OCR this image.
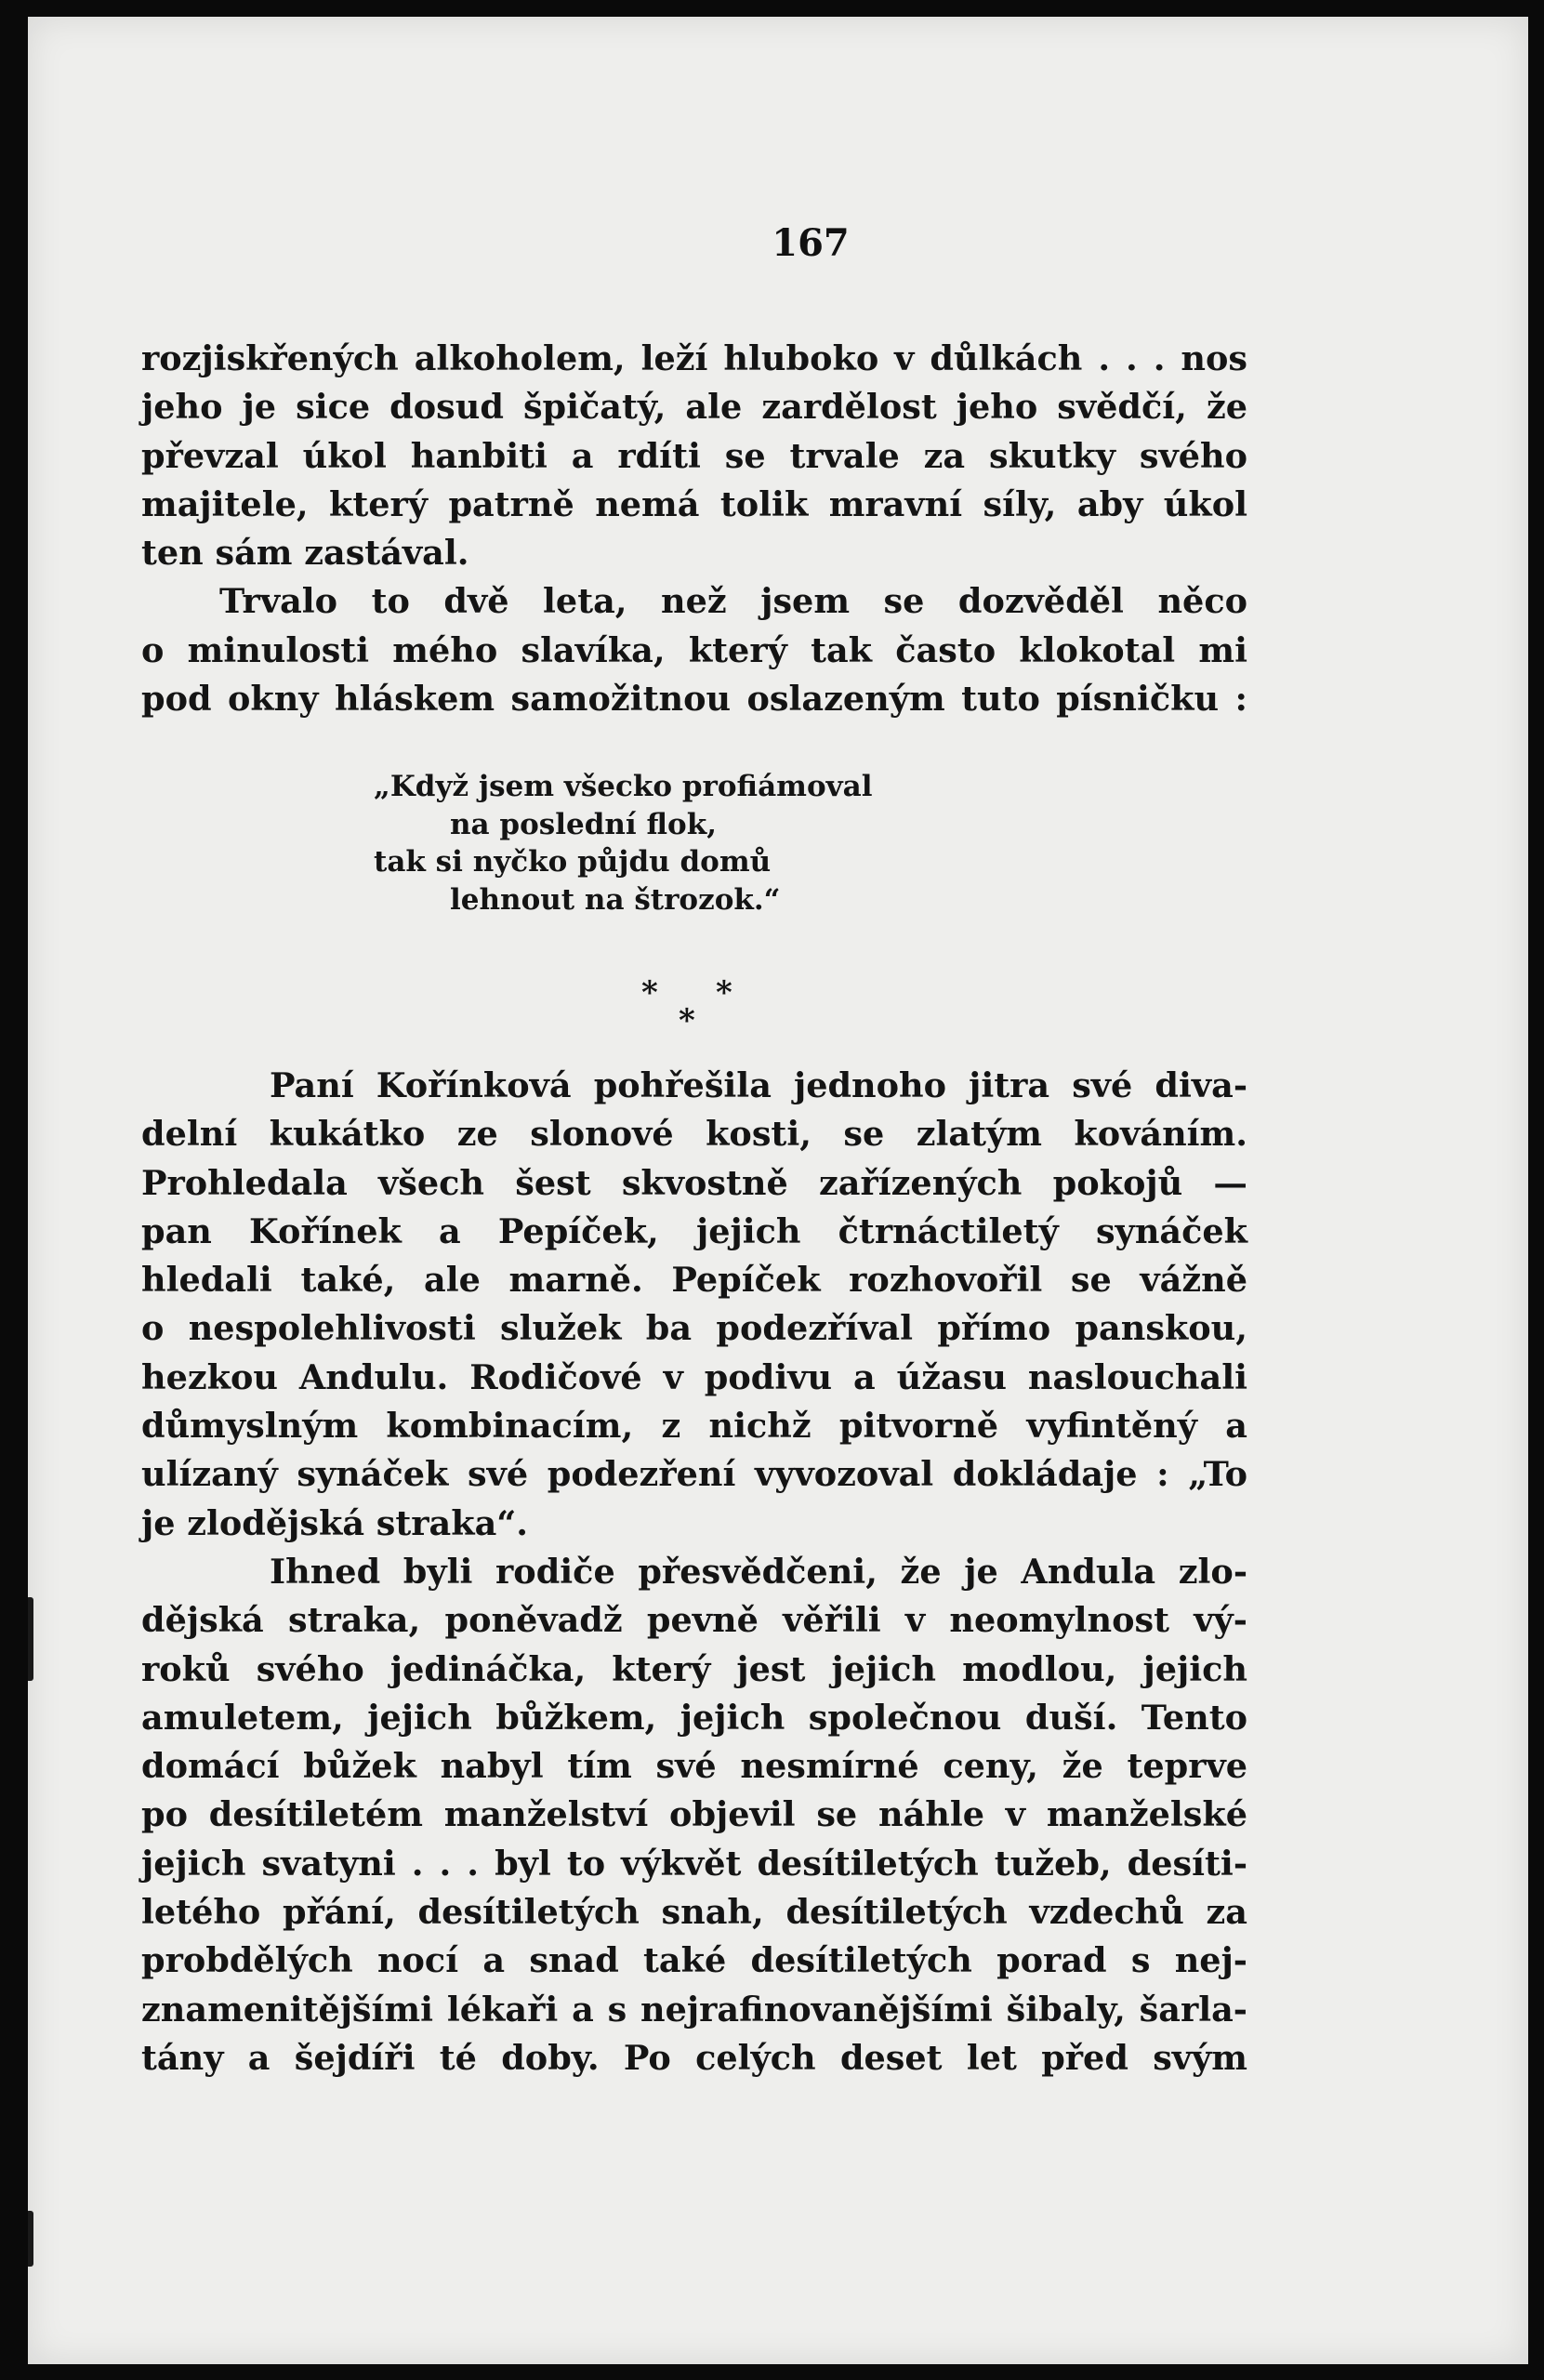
167
rozjiskřených alkoholem, leží hluboko v důlkách . . . nos
jeho je sice dosud špičatý, ale zardělost jeho svědčí, že
převzal úkol hanbiti a rdíti se trvale za skutky svého
majitele, který patrně nemá tolik mravní síly, aby úkol
ten sám zastával.
Trvalo to dvě leta, než jsem se dozvěděl něco
o minulosti mého slavíka, který tak často klokotal mi
pod okny hláskem samožitnou oslazeným tuto písničku :
„Když jsem všecko profiámoval
na poslední flok,
tak si nyčko půjdu domů
lehnout na štrozok.“
* *
*
Paní Kořínková pohřešila jednoho jitra své diva-
delní kukátko ze slonové kosti, se zlatým kováním.
Prohledala všech šest skvostně zařízených pokojů —
pan Kořínek a Pepíček, jejich čtrnáctiletý synáček
hledali také, ale marně. Pepíček rozhovořil se vážně
o nespolehlivosti služek ba podezříval přímo panskou,
hezkou Andulu. Rodičové v podivu a úžasu naslouchali
důmyslným kombinacím, z nichž pitvorně vyfintěný a
ulízaný synáček své podezření vyvozoval dokládaje : „To
je zlodějská straka“.
Ihned byli rodiče přesvědčeni, že je Andula zlo-
dějská straka, poněvadž pevně věřili v neomylnost vý-
roků svého jedináčka, který jest jejich modlou, jejich
amuletem, jejich bůžkem, jejich společnou duší. Tento
domácí bůžek nabyl tím své nesmírné ceny, že teprve
po desítiletém manželství objevil se náhle v manželské
jejich svatyni . . . byl to výkvět desítiletých tužeb, desíti-
letého přání, desítiletých snah, desítiletých vzdechů za
probdělých nocí a snad také desítiletých porad s nej-
znamenitějšími lékaři a s nejrafinovanějšími šibaly, šarla-
tány a šejdíři té doby. Po celých deset let před svým
